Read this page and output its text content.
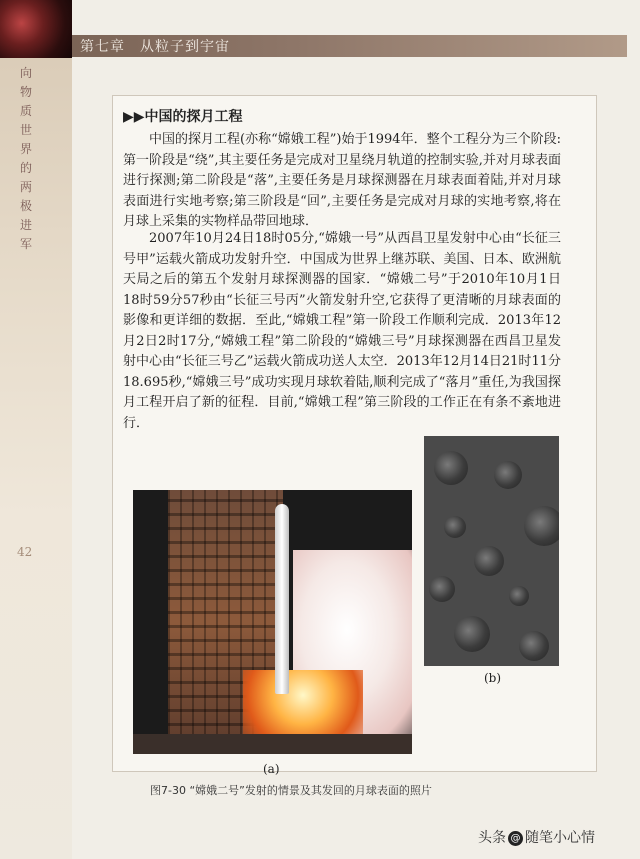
第七章　从粒子到宇宙
向物质世界的两极进军
42
▶▶中国的探月工程
中国的探月工程(亦称“嫦娥工程”)始于1994年．整个工程分为三个阶段:第一阶段是“绕”,其主要任务是完成对卫星绕月轨道的控制实验,并对月球表面进行探测;第二阶段是“落”,主要任务是月球探测器在月球表面着陆,并对月球表面进行实地考察;第三阶段是“回”,主要任务是完成对月球的实地考察,将在月球上采集的实物样品带回地球．
2007年10月24日18时05分,“嫦娥一号”从西昌卫星发射中心由“长征三号甲”运载火箭成功发射升空．中国成为世界上继苏联、美国、日本、欧洲航天局之后的第五个发射月球探测器的国家．“嫦娥二号”于2010年10月1日18时59分57秒由“长征三号丙”火箭发射升空,它获得了更清晰的月球表面的影像和更详细的数据．至此,“嫦娥工程”第一阶段工作顺利完成．2013年12月2日2时17分,“嫦娥工程”第二阶段的“嫦娥三号”月球探测器在西昌卫星发射中心由“长征三号乙”运载火箭成功送人太空．2013年12月14日21时11分18.695秒,“嫦娥三号”成功实现月球软着陆,顺利完成了“落月”重任,为我国探月工程开启了新的征程．目前,“嫦娥工程”第三阶段的工作正在有条不紊地进行．
(a)
(b)
图7-30 “嫦娥二号”发射的情景及其发回的月球表面的照片
头条 @ 随笔小心情
